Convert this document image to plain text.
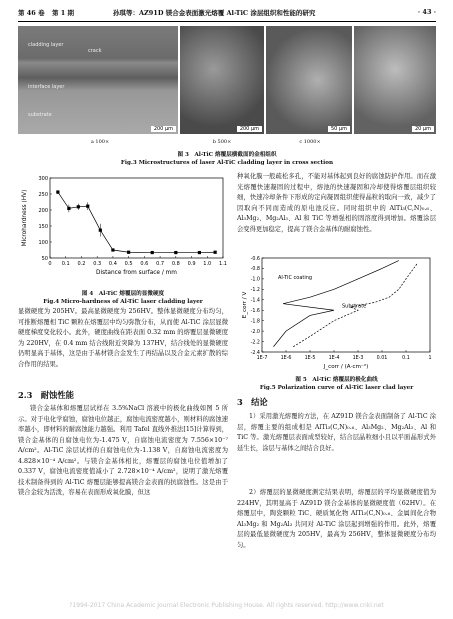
第 46 卷 第 1 期	孙琪等：AZ91D 镁合金表面激光熔覆 Al-TiC 涂层组织和性能的研究	· 43 ·
cladding layer
crack
interface layer
substrate
200 μm	200 μm	50 μm	20 μm
a 100×	b 500×	c 1000×
图 3　Al-TiC 熔覆层横截面的金相组织
Fig.3 Microstructures of laser Al-TiC cladding layer in cross section
0 0.1 0.2 0.3 0.4 0.5 0.6 0.7 0.8 0.9 1.0 1.1
50
100
150
200
250
300
Distance from surface / mm
Microhardness (HV)
图 4　Al-TiC 熔覆层的显微硬度
Fig.4 Micro-hardness of Al-TiC laser cladding layer
显微硬度为 205HV。最高显微硬度为 256HV。整体显微硬度分布均匀，可推断熔覆相 TiC 颗粒在熔覆层中均匀弥散分布，从而使 Al-TiC 涂层显微硬度梯度变化较小。此外，硬度曲线在距表面 0.32 mm 的熔覆层显微硬度为 220HV，在 0.4 mm 结合线附近突降为 137HV，结合线处的显微硬度仍明显高于基体，这是由于基材镁合金发生了再结晶以及合金元素扩散的综合作用的结果。
2.3　耐蚀性能
镁合金基体和熔覆层试样在 3.5%NaCl 溶液中的极化曲线如图 5 所示。对于电化学腐蚀，腐蚀电位越正，腐蚀电流密度越小，则材料的腐蚀速率越小，即材料的耐腐蚀能力越强。利用 Tafel 直线外推法[15]计算得到，镁合金基体的自腐蚀电位为-1.475 V，自腐蚀电流密度为 7.556×10⁻⁷ A/cm²。Al-TiC 涂层试样的自腐蚀电位为-1.138 V，自腐蚀电流密度为 4.828×10⁻⁴ A/cm²。与镁合金基体相比，熔覆层的腐蚀电位值增加了 0.337 V，腐蚀电流密度值减小了 2.728×10⁻⁴ A/cm²，说明了激光熔覆技术制备得到的 Al-TiC 熔覆层能够提高镁合金表面的抗腐蚀性。这是由于镁合金较为活泼，容易在表面形成氧化膜，但这
种氧化膜一般疏松多孔，不能对基体起到良好的腐蚀防护作用。而在激光熔覆快速凝固的过程中，熔池的快速凝固和冷却使得熔覆层组织较细，快速冷却条件下形成的定向凝固组织使得晶粒的取向一致，减少了因取向不同而造成的原电池反应。同时组织中的 AlTi₃(C,N)₀.₆、Al₃Mg₂、Mg₂Al₃、Al 和 TiC 等增强相的固溶度得到增加。熔覆涂层会变得更加稳定，提高了镁合金基体的耐腐蚀性。
1E-7	1E-6	1E-5	1E-4	1E-3	0.01	0.1	1
-0.6
-0.8
-1.0
-1.2
-1.4
-1.6
-1.8
-2.0
-2.2
-2.4
J_corr / (A·cm⁻²)
E_corr / V
Al-TiC coating
Substrate
图 5　Al-TiC 熔覆层的极化曲线
Fig.5 Polarization curve of Al-TiC laser clad layer
3　结论
1）采用激光熔覆的方法，在 AZ91D 镁合金表面制备了 Al-TiC 涂层，熔覆主要的组成相是 AlTi₃(C,N)₀.₆、Al₃Mg₂、Mg₂Al₃、Al 和 TiC 等。激光熔覆层表面成型较好，结合层晶粒细小且以平面晶形式外延生长，涂层与基体之间结合良好。
2）熔覆层的显微硬度测定结果表明，熔覆层的平均显微硬度值为 224HV，其明显高于 AZ91D 镁合金基体的显微硬度值（62HV）。在熔覆层中，陶瓷颗粒 TiC、硬质氮化物 AlTi₃(C,N)₀.₆、金属间化合物 Al₃Mg₂ 和 Mg₂Al₃ 共同对 Al-TiC 涂层起到增强的作用。此外，熔覆层的最低显微硬度为 205HV，最高为 256HV，整体显微硬度分布均匀。
?1994-2017 China Academic Journal Electronic Publishing House. All rights reserved. http://www.cnki.net
